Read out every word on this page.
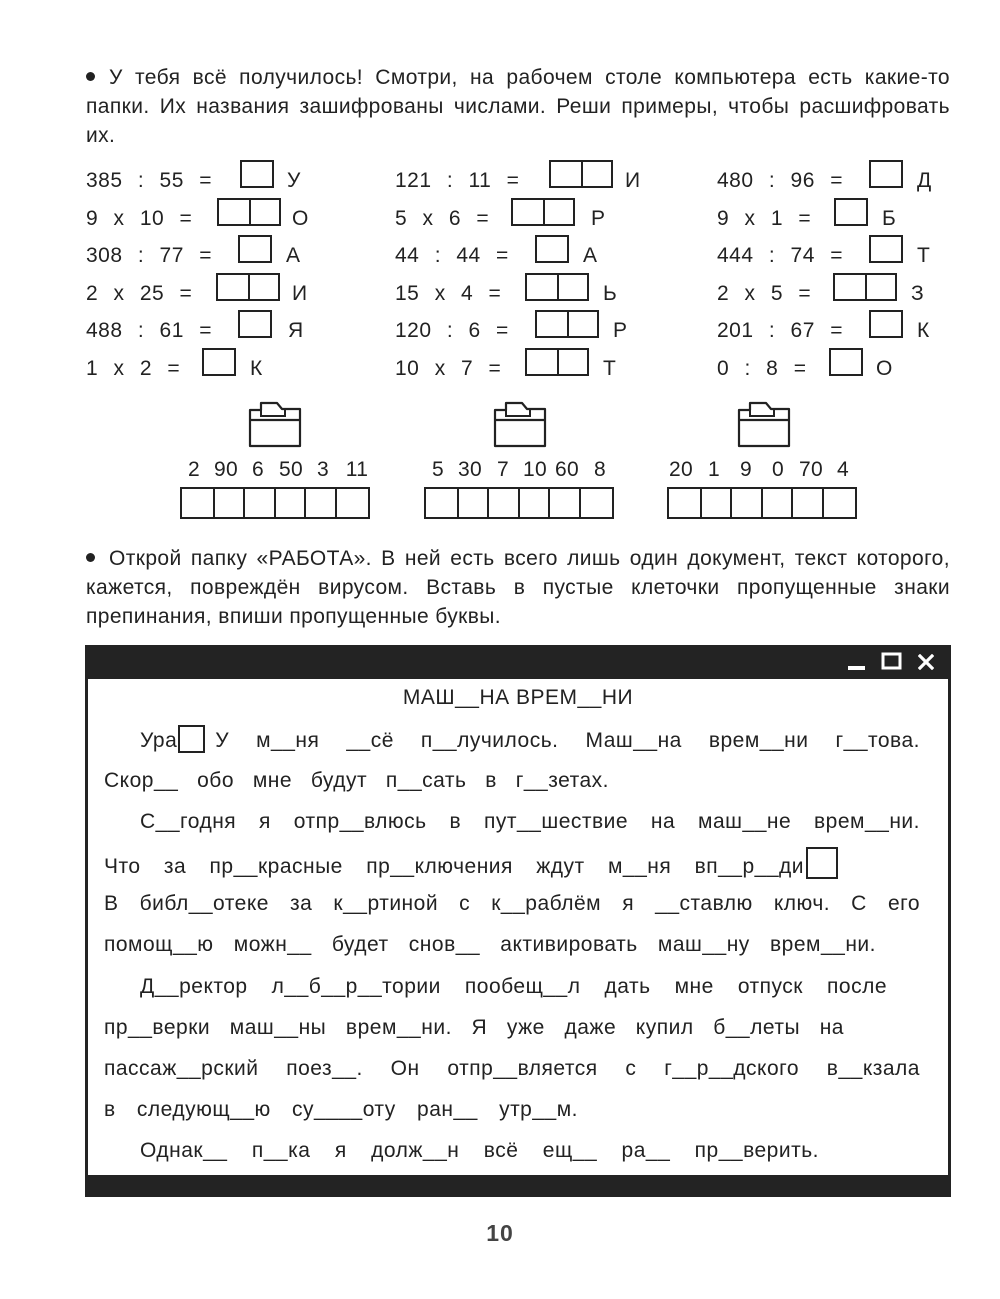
У тебя всё получилось! Смотри, на рабочем столе компьютера есть какие-то папки. Их названия зашифрованы числами. Реши примеры, чтобы расшифровать их.

385 : 55 =	У
9 x 10 =	О
308 : 77 =	А
2 x 25 =	И
488 : 61 =	Я
1 x 2 =	К
121 : 11 =	И
5 x 6 =	Р
44 : 44 =	А
15 x 4 =	Ь
120 : 6 =	Р
10 x 7 =	Т
480 : 96 =	Д
9 x 1 =	Б
444 : 74 =	Т
2 x 5 =	З
201 : 67 =	К
0 : 8 =	О
2 90 6 50 3 11	5 30 7 10 60 8	20 1 9 0 70 4

Открой папку «РАБОТА». В ней есть всего лишь один документ, текст которого, кажется, повреждён вирусом. Вставь в пустые клеточки пропущенные знаки препинания, впиши пропущенные буквы.

МАШ__НА ВРЕМ__НИ
Ура У м__ня __сё п__лучилось. Маш__на врем__ни г__това.
Скор__ обо мне будут п__сать в г__зетах.
С__годня я отпр__влюсь в пут__шествие на маш__не врем__ни.
Что за пр__красные пр__ключения ждут м__ня вп__р__ди
В библ__отеке за к__ртиной с к__раблём я __ставлю ключ. С его
помощ__ю можн__ будет снов__ активировать маш__ну врем__ни.
Д__ректор л__б__р__тории пообещ__л дать мне отпуск после
пр__верки маш__ны врем__ни. Я уже даже купил б__леты на
пассаж__рский поез__. Он отпр__вляется с г__р__дского в__кзала
в следующ__ю су____оту ран__ утр__м.
Однак__ п__ка я долж__н всё ещ__ ра__ пр__верить.
10
